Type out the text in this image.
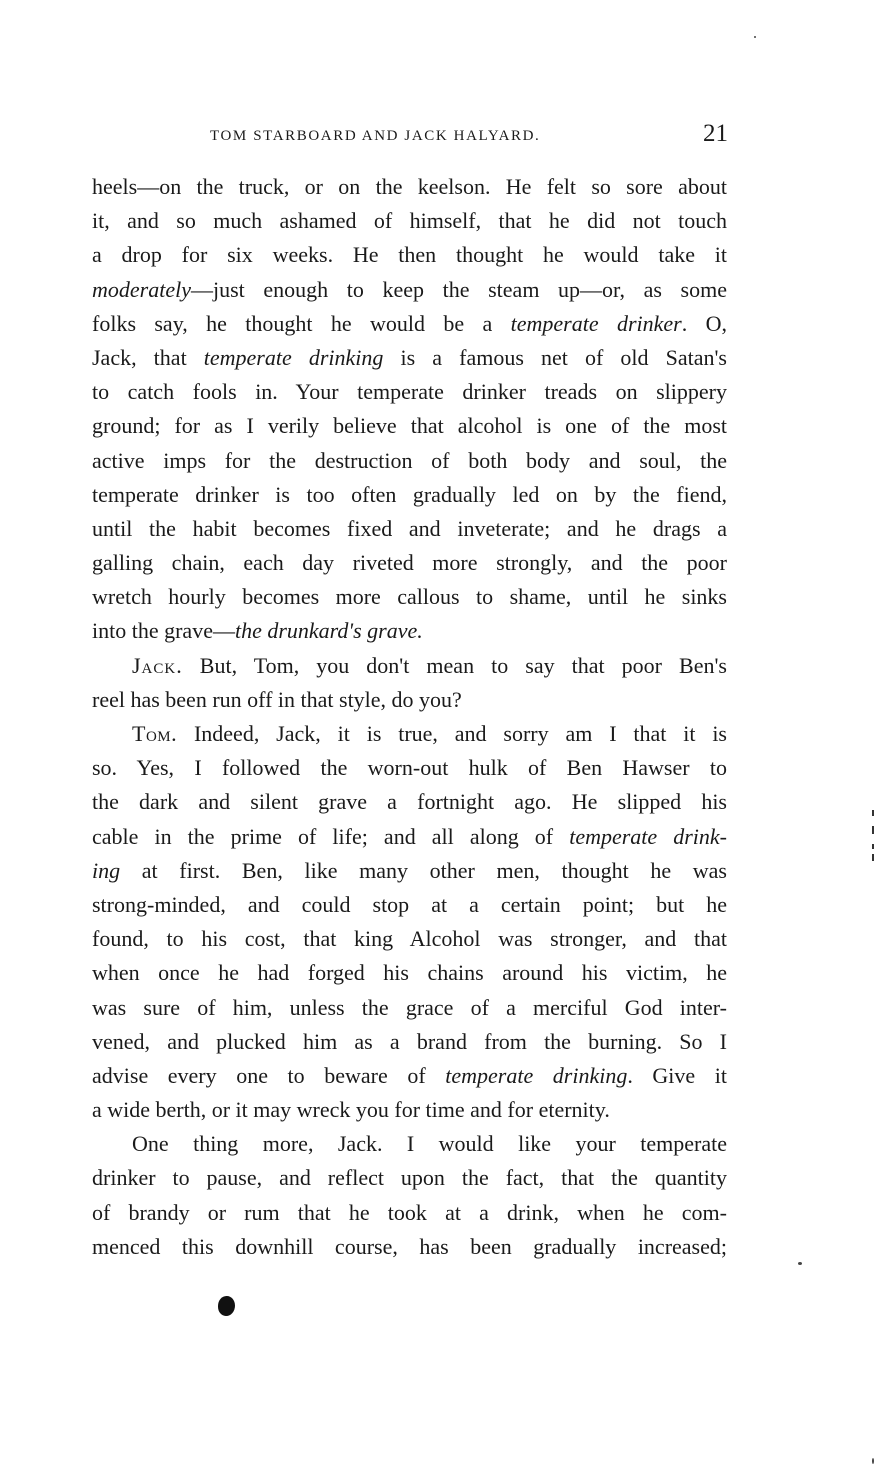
TOM STARBOARD AND JACK HALYARD.	21
heels—on the truck, or on the keelson. He felt so sore about
it, and so much ashamed of himself, that he did not touch
a drop for six weeks. He then thought he would take it
moderately—just enough to keep the steam up—or, as some
folks say, he thought he would be a temperate drinker. O,
Jack, that temperate drinking is a famous net of old Satan's
to catch fools in. Your temperate drinker treads on slippery
ground; for as I verily believe that alcohol is one of the most
active imps for the destruction of both body and soul, the
temperate drinker is too often gradually led on by the fiend,
until the habit becomes fixed and inveterate; and he drags a
galling chain, each day riveted more strongly, and the poor
wretch hourly becomes more callous to shame, until he sinks
into the grave—the drunkard's grave.
Jack. But, Tom, you don't mean to say that poor Ben's
reel has been run off in that style, do you?
Tom. Indeed, Jack, it is true, and sorry am I that it is
so. Yes, I followed the worn-out hulk of Ben Hawser to
the dark and silent grave a fortnight ago. He slipped his
cable in the prime of life; and all along of temperate drink-
ing at first. Ben, like many other men, thought he was
strong-minded, and could stop at a certain point; but he
found, to his cost, that king Alcohol was stronger, and that
when once he had forged his chains around his victim, he
was sure of him, unless the grace of a merciful God inter-
vened, and plucked him as a brand from the burning. So I
advise every one to beware of temperate drinking. Give it
a wide berth, or it may wreck you for time and for eternity.
One thing more, Jack. I would like your temperate
drinker to pause, and reflect upon the fact, that the quantity
of brandy or rum that he took at a drink, when he com-
menced this downhill course, has been gradually increased;
